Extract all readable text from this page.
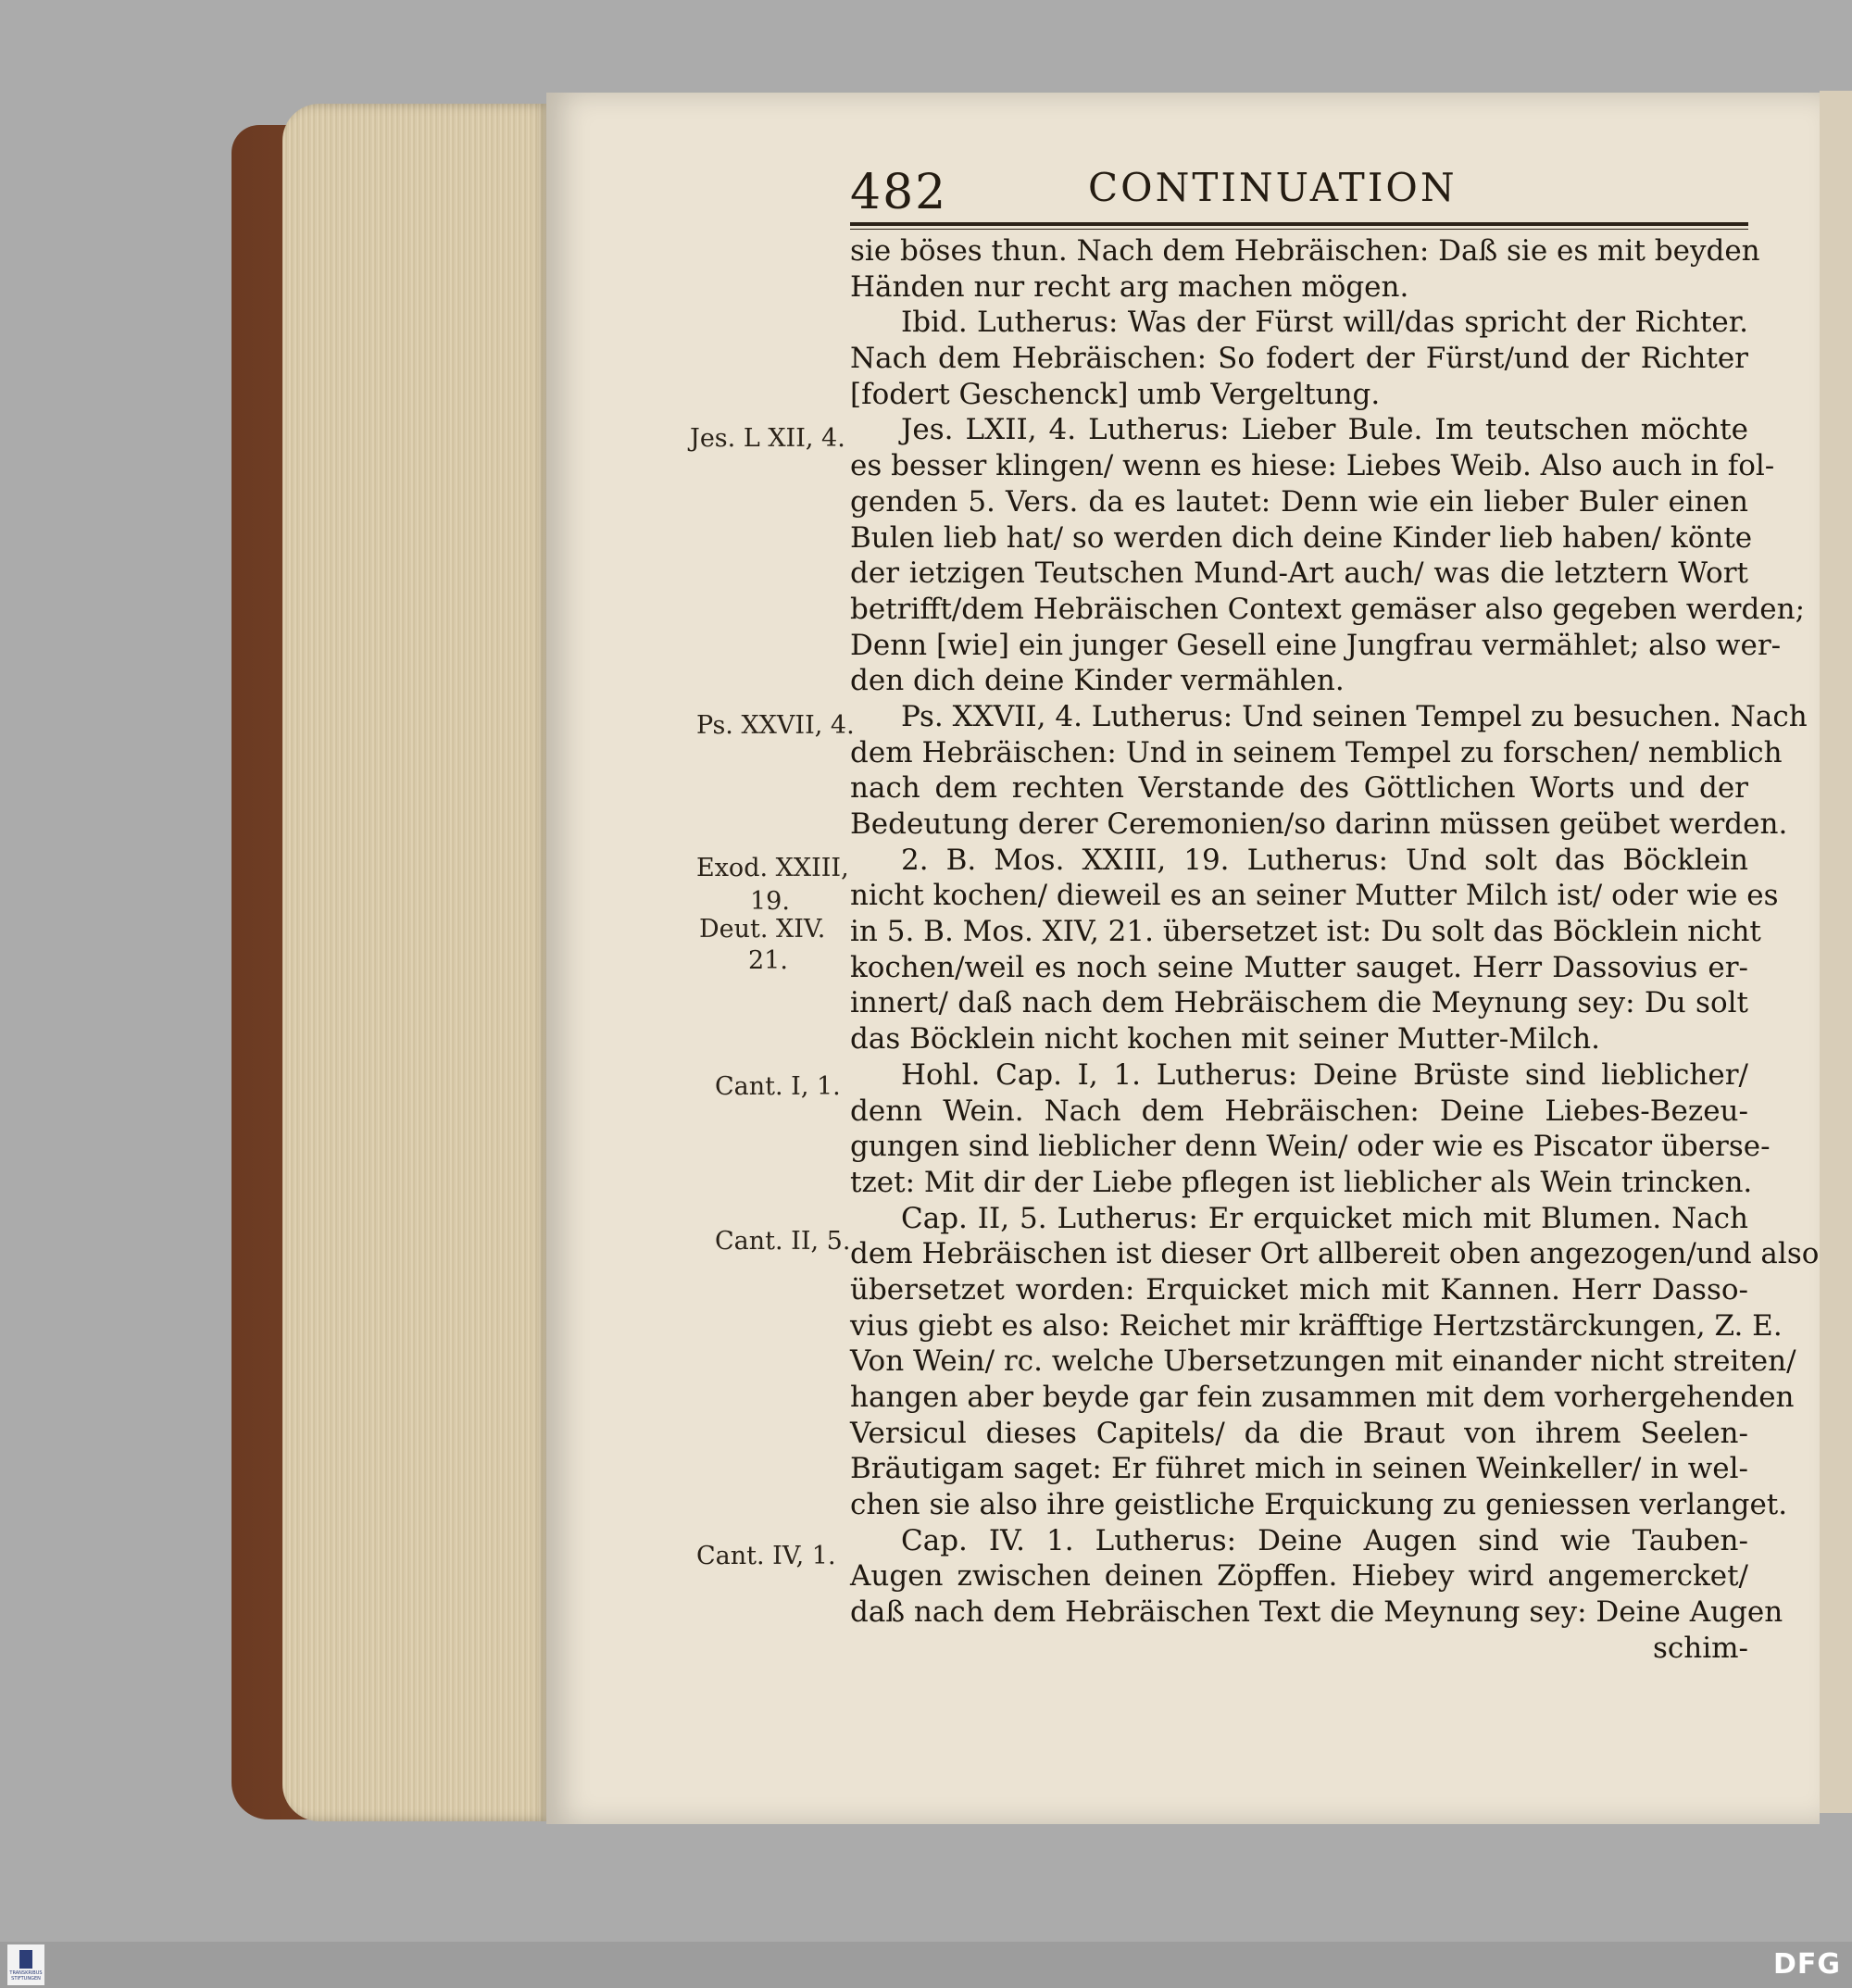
482	CONTINUATION
Jes. L XII, 4.
Ps. XXVII, 4.
Exod. XXIII,
19.
Deut. XIV.
21.
Cant. I, 1.
Cant. II, 5.
Cant. IV, 1.
sie böses thun. Nach dem Hebräischen: Daß sie es mit beyden
Händen nur recht arg machen mögen.
Ibid. Lutherus: Was der Fürst will/das spricht der Richter.
Nach dem Hebräischen: So fodert der Fürst/und der Richter
[fodert Geschenck] umb Vergeltung.
Jes. LXII, 4. Lutherus: Lieber Bule. Im teutschen möchte
es besser klingen/ wenn es hiese: Liebes Weib. Also auch in fol-
genden 5. Vers. da es lautet: Denn wie ein lieber Buler einen
Bulen lieb hat/ so werden dich deine Kinder lieb haben/ könte
der ietzigen Teutschen Mund-Art auch/ was die letztern Wort
betrifft/dem Hebräischen Context gemäser also gegeben werden;
Denn [wie] ein junger Gesell eine Jungfrau vermählet; also wer-
den dich deine Kinder vermählen.
Ps. XXVII, 4. Lutherus: Und seinen Tempel zu besuchen. Nach
dem Hebräischen: Und in seinem Tempel zu forschen/ nemblich
nach dem rechten Verstande des Göttlichen Worts und der
Bedeutung derer Ceremonien/so darinn müssen geübet werden.
2. B. Mos. XXIII, 19. Lutherus: Und solt das Böcklein
nicht kochen/ dieweil es an seiner Mutter Milch ist/ oder wie es
in 5. B. Mos. XIV, 21. übersetzet ist: Du solt das Böcklein nicht
kochen/weil es noch seine Mutter sauget. Herr Dassovius er-
innert/ daß nach dem Hebräischem die Meynung sey: Du solt
das Böcklein nicht kochen mit seiner Mutter-Milch.
Hohl. Cap. I, 1. Lutherus: Deine Brüste sind lieblicher/
denn Wein. Nach dem Hebräischen: Deine Liebes-Bezeu-
gungen sind lieblicher denn Wein/ oder wie es Piscator überse-
tzet: Mit dir der Liebe pflegen ist lieblicher als Wein trincken.
Cap. II, 5. Lutherus: Er erquicket mich mit Blumen. Nach
dem Hebräischen ist dieser Ort allbereit oben angezogen/und also
übersetzet worden: Erquicket mich mit Kannen. Herr Dasso-
vius giebt es also: Reichet mir kräfftige Hertzstärckungen, Z. E.
Von Wein/ rc. welche Ubersetzungen mit einander nicht streiten/
hangen aber beyde gar fein zusammen mit dem vorhergehenden
Versicul dieses Capitels/ da die Braut von ihrem Seelen-
Bräutigam saget: Er führet mich in seinen Weinkeller/ in wel-
chen sie also ihre geistliche Erquickung zu geniessen verlanget.
Cap. IV. 1. Lutherus: Deine Augen sind wie Tauben-
Augen zwischen deinen Zöpffen. Hiebey wird angemercket/
daß nach dem Hebräischen Text die Meynung sey: Deine Augen
schim-
TRANSKRIBUS STIFTUNGEN	DFG
